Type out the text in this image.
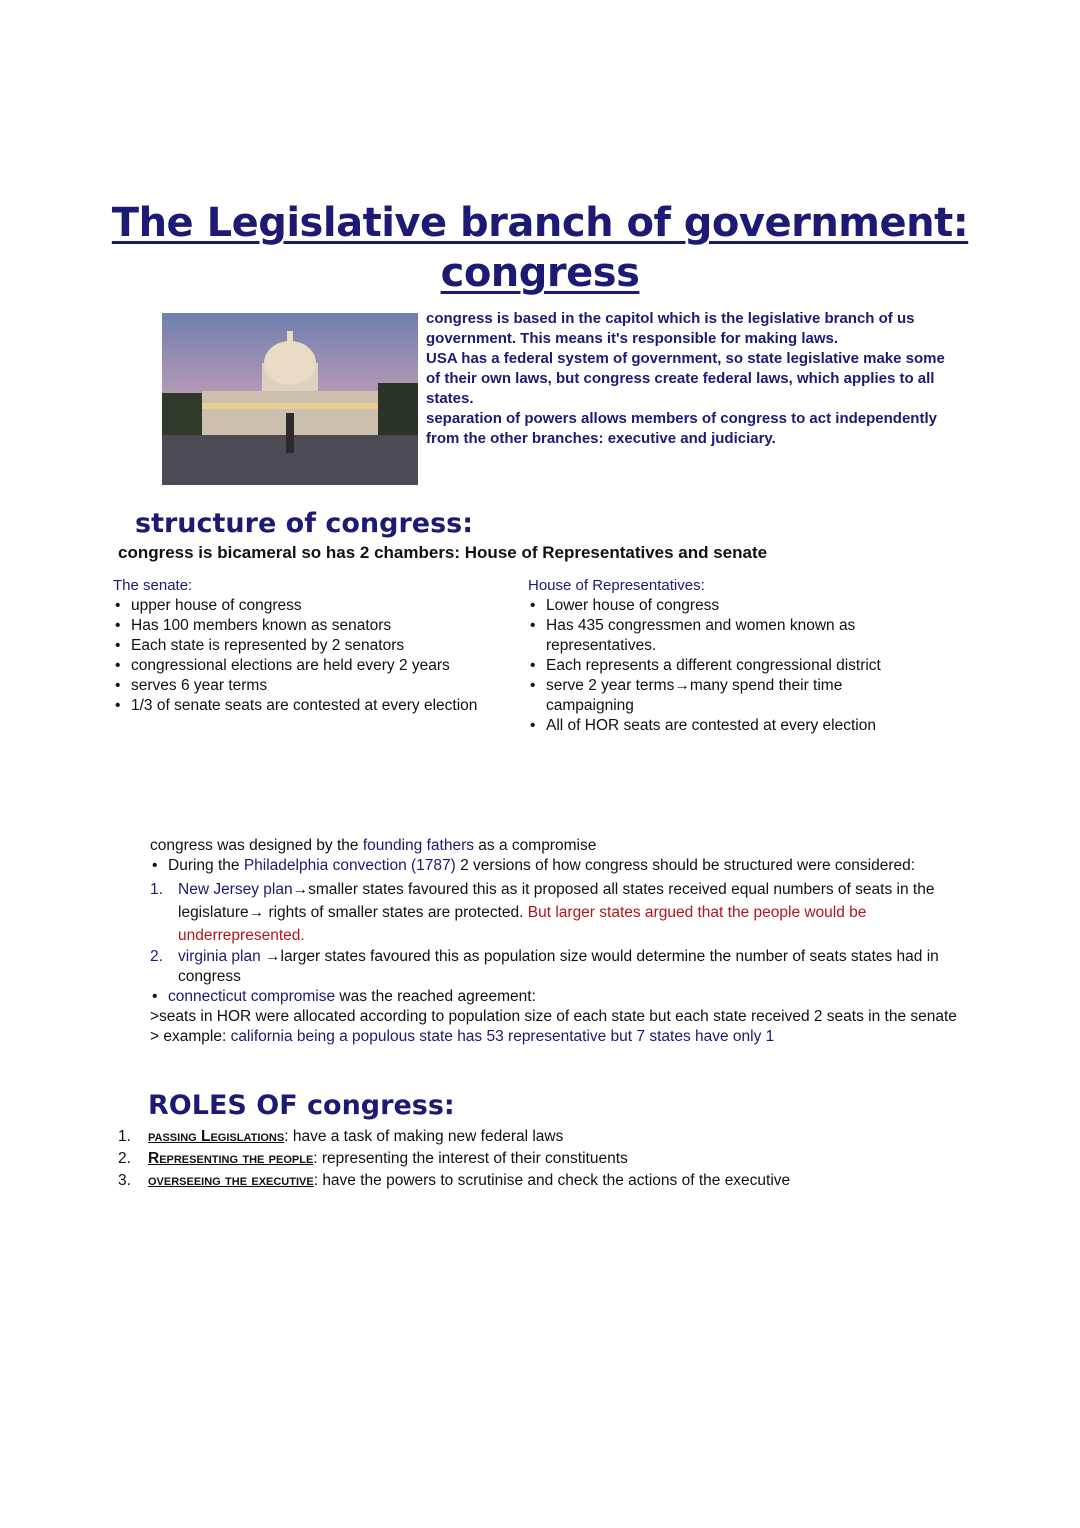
The Legislative branch of government:
congress

congress is based in the capitol which is the legislative branch of us government. This means it's responsible for making laws.

USA has a federal system of government, so state legislative make some of their own laws, but congress create federal laws, which applies to all states.

separation of powers allows members of congress to act independently from the other branches: executive and judiciary.

structure of congress:
congress is bicameral so has 2 chambers: House of Representatives and senate
The senate:
• upper house of congress
• Has 100 members known as senators
• Each state is represented by 2 senators
• congressional elections are held every 2 years
• serves 6 year terms
• 1/3 of senate seats are contested at every election
House of Representatives:
• Lower house of congress
• Has 435 congressmen and women known as representatives.
• Each represents a different congressional district
• serve 2 year terms→many spend their time campaigning
• All of HOR seats are contested at every election

congress was designed by the founding fathers as a compromise

• During the Philadelphia convection (1787) 2 versions of how congress should be structured were considered:

1. New Jersey plan→smaller states favoured this as it proposed all states received equal numbers of seats in the legislature→ rights of smaller states are protected. But larger states argued that the people would be underrepresented.

2. virginia plan →larger states favoured this as population size would determine the number of seats states had in congress

• connecticut compromise was the reached agreement:

>seats in HOR were allocated according to population size of each state but each state received 2 seats in the senate

> example: california being a populous state has 53 representative but 7 states have only 1

ROLES OF congress:
1. passing Legislations: have a task of making new federal laws
2. Representing the people: representing the interest of their constituents
3. overseeing the executive: have the powers to scrutinise and check the actions of the executive
